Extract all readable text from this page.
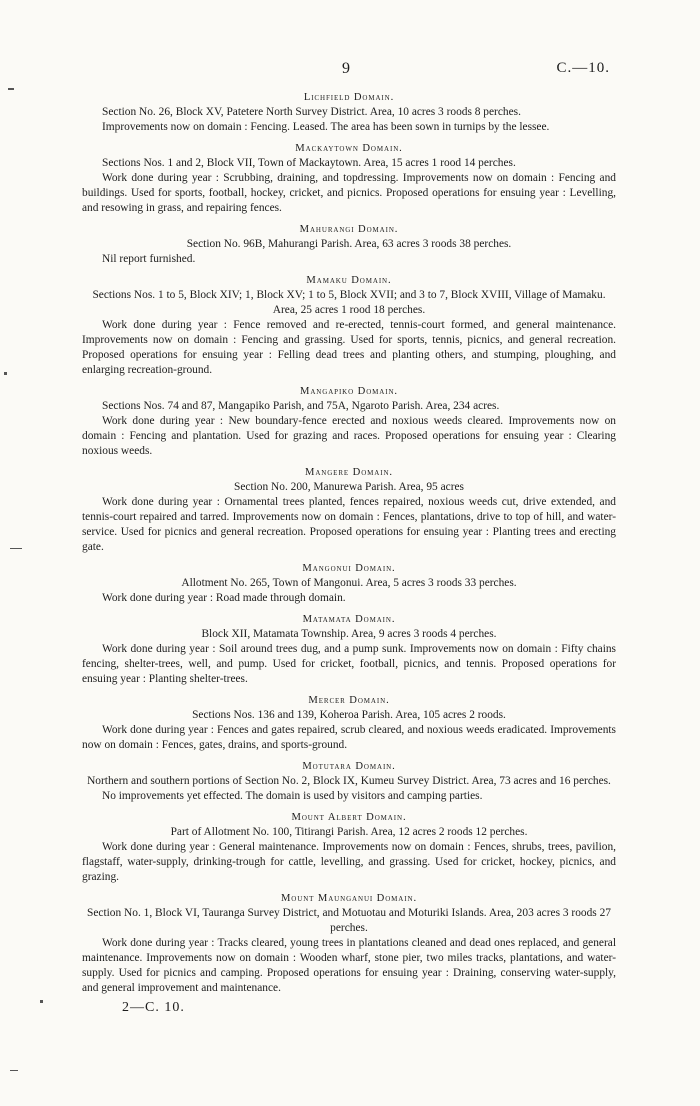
9	C.—10.
Lichfield Domain.

Section No. 26, Block XV, Patetere North Survey District. Area, 10 acres 3 roods 8 perches.

Improvements now on domain : Fencing. Leased. The area has been sown in turnips by the lessee.

Mackaytown Domain.

Sections Nos. 1 and 2, Block VII, Town of Mackaytown. Area, 15 acres 1 rood 14 perches.

Work done during year : Scrubbing, draining, and topdressing. Improvements now on domain : Fencing and buildings. Used for sports, football, hockey, cricket, and picnics. Proposed operations for ensuing year : Levelling, and resowing in grass, and repairing fences.

Mahurangi Domain.

Section No. 96B, Mahurangi Parish. Area, 63 acres 3 roods 38 perches.

Nil report furnished.

Mamaku Domain.

Sections Nos. 1 to 5, Block XIV; 1, Block XV; 1 to 5, Block XVII; and 3 to 7, Block XVIII, Village of Mamaku. Area, 25 acres 1 rood 18 perches.

Work done during year : Fence removed and re-erected, tennis-court formed, and general maintenance. Improvements now on domain : Fencing and grassing. Used for sports, tennis, picnics, and general recreation. Proposed operations for ensuing year : Felling dead trees and planting others, and stumping, ploughing, and enlarging recreation-ground.

Mangapiko Domain.

Sections Nos. 74 and 87, Mangapiko Parish, and 75A, Ngaroto Parish. Area, 234 acres.

Work done during year : New boundary-fence erected and noxious weeds cleared. Improvements now on domain : Fencing and plantation. Used for grazing and races. Proposed operations for ensuing year : Clearing noxious weeds.

Mangere Domain.

Section No. 200, Manurewa Parish. Area, 95 acres

Work done during year : Ornamental trees planted, fences repaired, noxious weeds cut, drive extended, and tennis-court repaired and tarred. Improvements now on domain : Fences, plantations, drive to top of hill, and water-service. Used for picnics and general recreation. Proposed operations for ensuing year : Planting trees and erecting gate.

Mangonui Domain.

Allotment No. 265, Town of Mangonui. Area, 5 acres 3 roods 33 perches.

Work done during year : Road made through domain.

Matamata Domain.

Block XII, Matamata Township. Area, 9 acres 3 roods 4 perches.

Work done during year : Soil around trees dug, and a pump sunk. Improvements now on domain : Fifty chains fencing, shelter-trees, well, and pump. Used for cricket, football, picnics, and tennis. Proposed operations for ensuing year : Planting shelter-trees.

Mercer Domain.

Sections Nos. 136 and 139, Koheroa Parish. Area, 105 acres 2 roods.

Work done during year : Fences and gates repaired, scrub cleared, and noxious weeds eradicated. Improvements now on domain : Fences, gates, drains, and sports-ground.

Motutara Domain.

Northern and southern portions of Section No. 2, Block IX, Kumeu Survey District. Area, 73 acres and 16 perches.

No improvements yet effected. The domain is used by visitors and camping parties.

Mount Albert Domain.

Part of Allotment No. 100, Titirangi Parish. Area, 12 acres 2 roods 12 perches.

Work done during year : General maintenance. Improvements now on domain : Fences, shrubs, trees, pavilion, flagstaff, water-supply, drinking-trough for cattle, levelling, and grassing. Used for cricket, hockey, picnics, and grazing.

Mount Maunganui Domain.

Section No. 1, Block VI, Tauranga Survey District, and Motuotau and Moturiki Islands. Area, 203 acres 3 roods 27 perches.

Work done during year : Tracks cleared, young trees in plantations cleaned and dead ones replaced, and general maintenance. Improvements now on domain : Wooden wharf, stone pier, two miles tracks, plantations, and water-supply. Used for picnics and camping. Proposed operations for ensuing year : Draining, conserving water-supply, and general improvement and maintenance.

2—C. 10.
